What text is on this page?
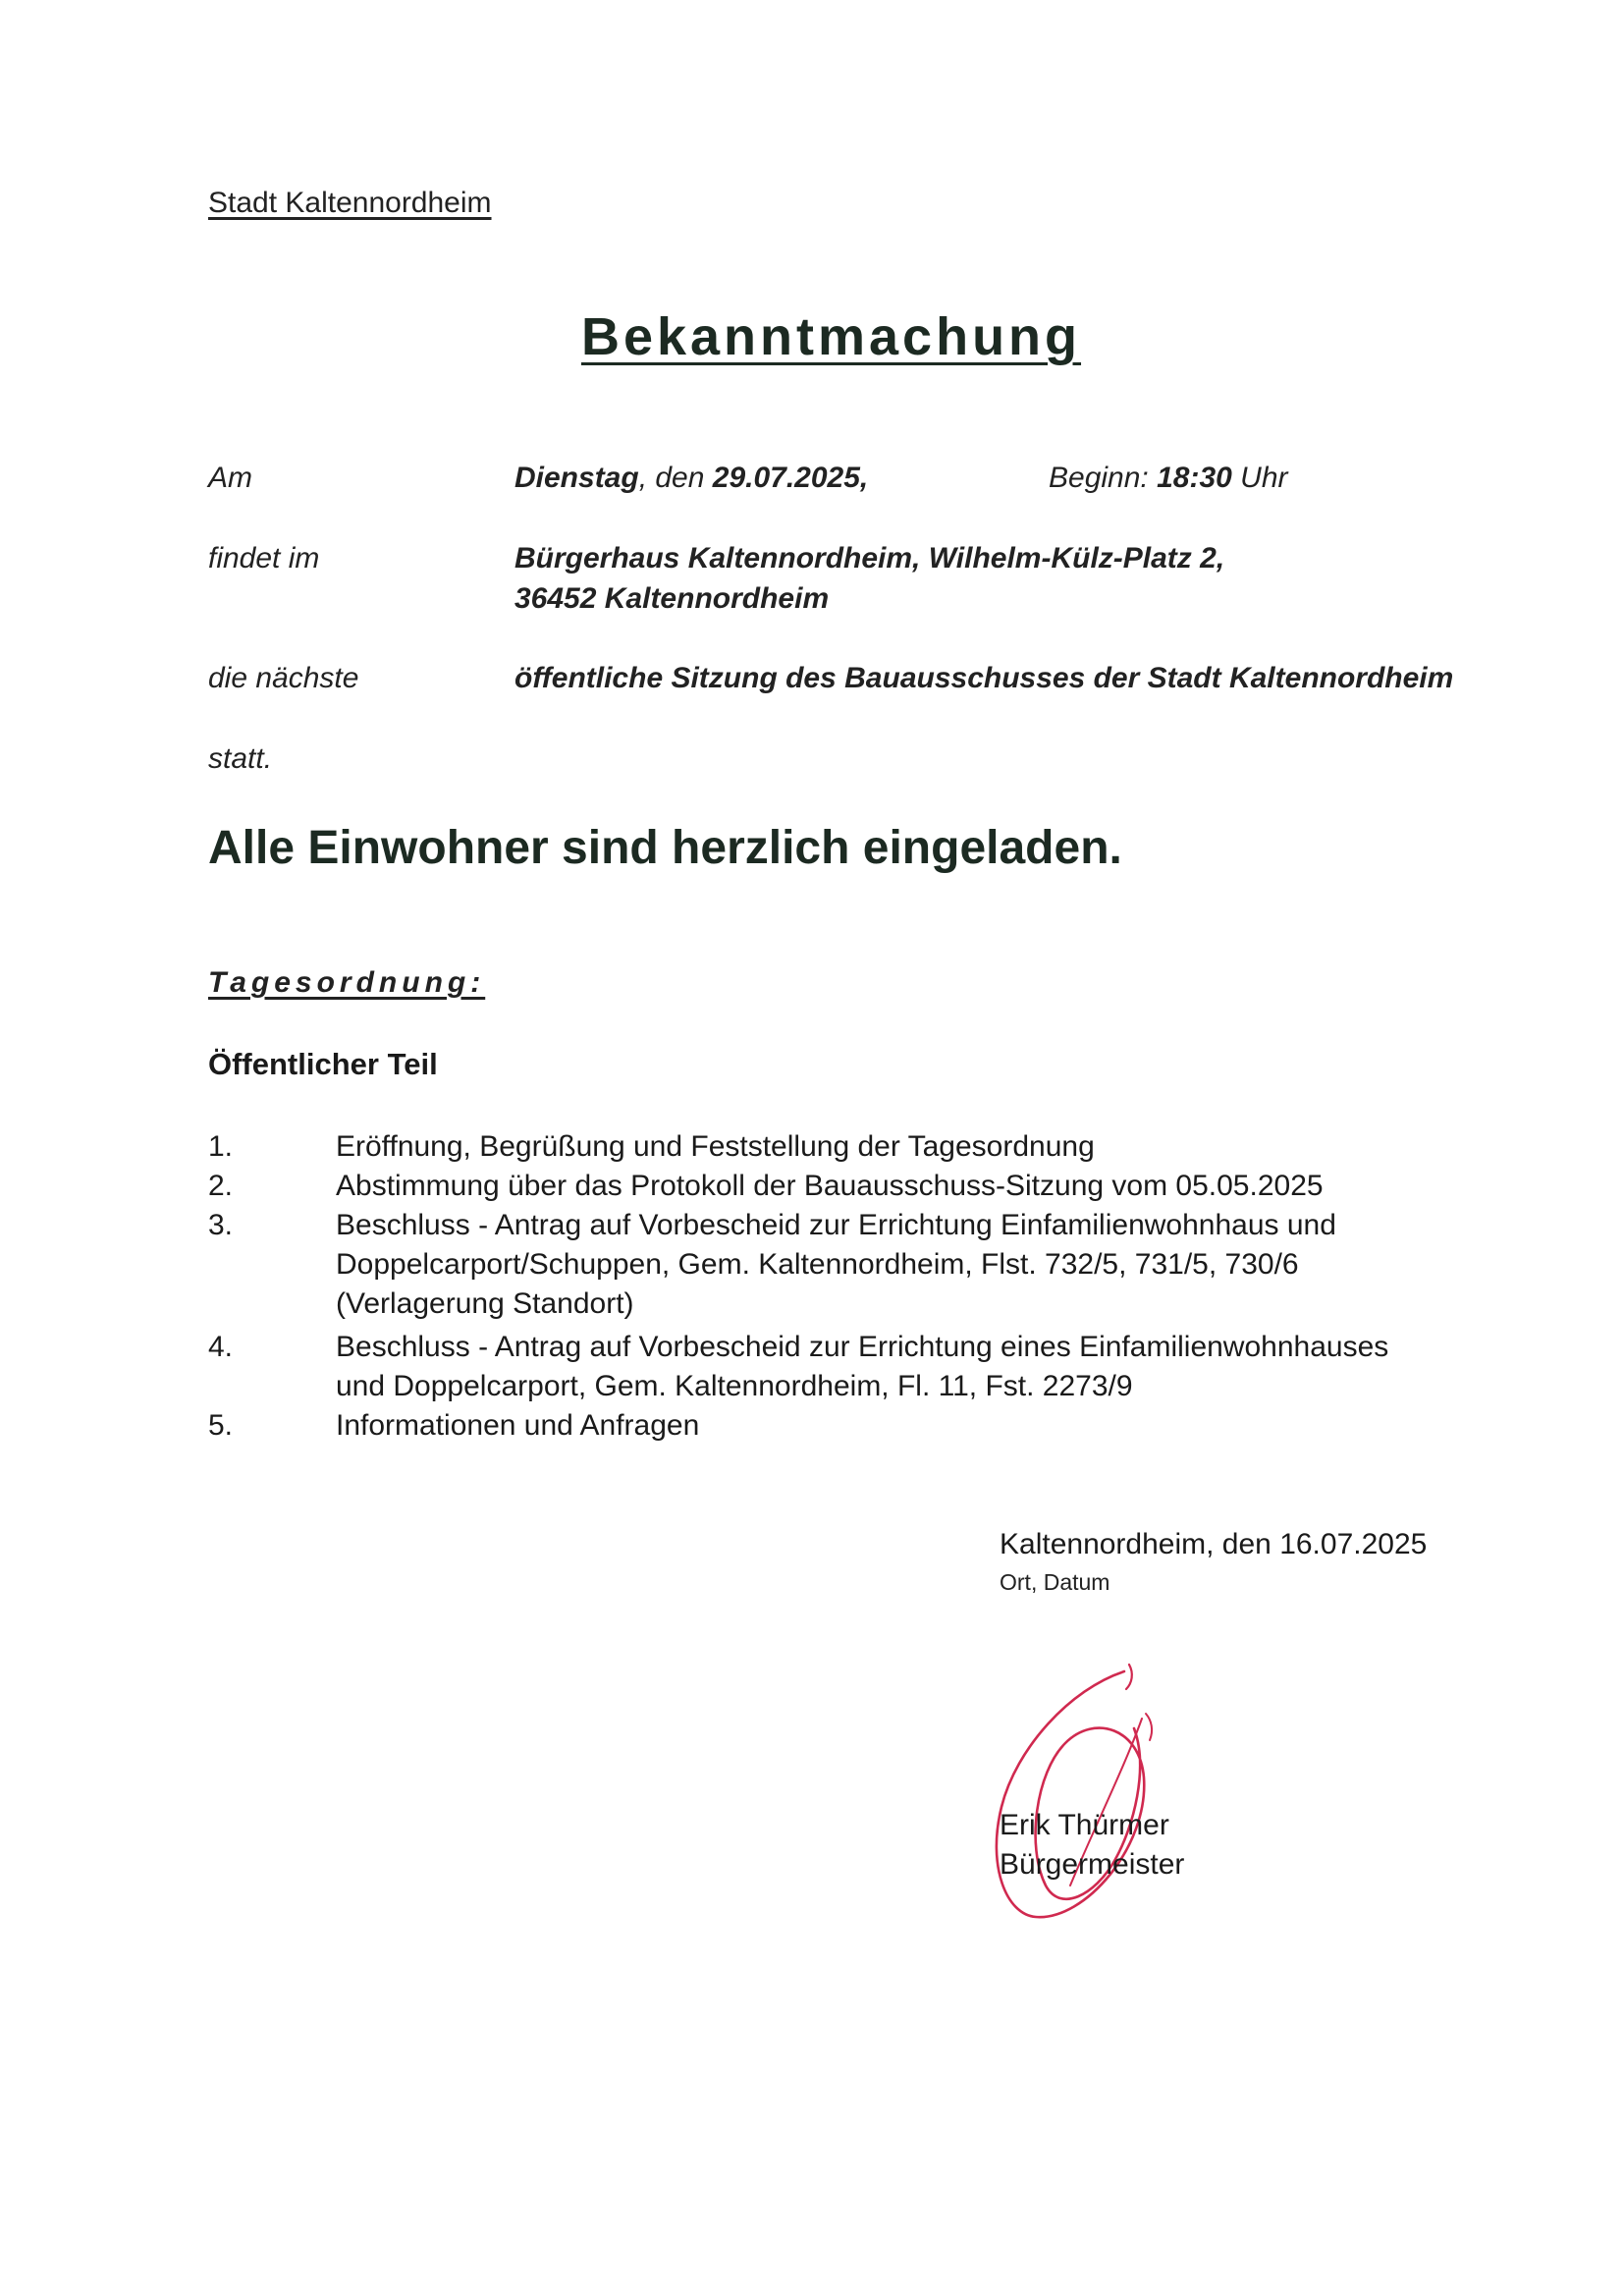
Stadt Kaltennordheim
Bekanntmachung
Am	Dienstag, den 29.07.2025,	Beginn: 18:30 Uhr
findet im	Bürgerhaus Kaltennordheim, Wilhelm-Külz-Platz 2,
36452 Kaltennordheim
die nächste	öffentliche Sitzung des Bauausschusses der Stadt Kaltennordheim
statt.
Alle Einwohner sind herzlich eingeladen.
Tagesordnung:
Öffentlicher Teil
1.	Eröffnung, Begrüßung und Feststellung der Tagesordnung
2.	Abstimmung über das Protokoll der Bauausschuss-Sitzung vom 05.05.2025
3.	Beschluss - Antrag auf Vorbescheid zur Errichtung Einfamilienwohnhaus und
Doppelcarport/Schuppen, Gem. Kaltennordheim, Flst. 732/5, 731/5, 730/6
(Verlagerung Standort)
4.	Beschluss - Antrag auf Vorbescheid zur Errichtung eines Einfamilienwohnhauses
und Doppelcarport, Gem. Kaltennordheim, Fl. 11, Fst. 2273/9
5.	Informationen und Anfragen
Kaltennordheim, den 16.07.2025
Ort, Datum
Erik Thürmer
Bürgermeister
